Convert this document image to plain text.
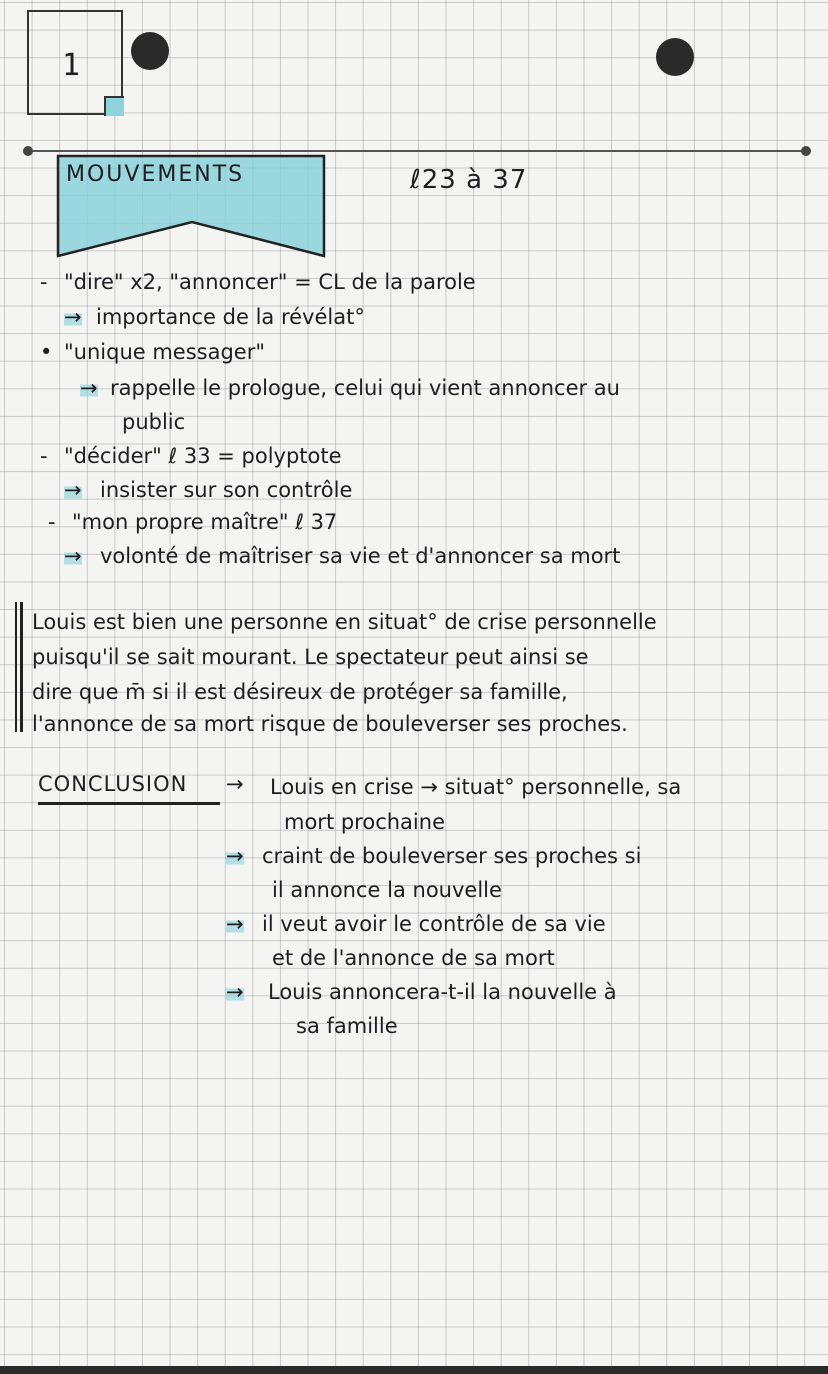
1
MOUVEMENTS	ℓ23 à 37
- "dire" x2, "annoncer" = CL de la parole
→ importance de la révélat°
• "unique messager"
→ rappelle le prologue, celui qui vient annoncer au
public
- "décider" ℓ 33 = polyptote
→ insister sur son contrôle
- "mon propre maître" ℓ 37
→ volonté de maîtriser sa vie et d'annoncer sa mort
Louis est bien une personne en situat° de crise personnelle
puisqu'il se sait mourant. Le spectateur peut ainsi se
dire que m̄ si il est désireux de protéger sa famille,
l'annonce de sa mort risque de bouleverser ses proches.
CONCLUSION → Louis en crise → situat° personnelle, sa
mort prochaine
→ craint de bouleverser ses proches si
il annonce la nouvelle
→ il veut avoir le contrôle de sa vie
et de l'annonce de sa mort
→ Louis annoncera-t-il la nouvelle à
sa famille
